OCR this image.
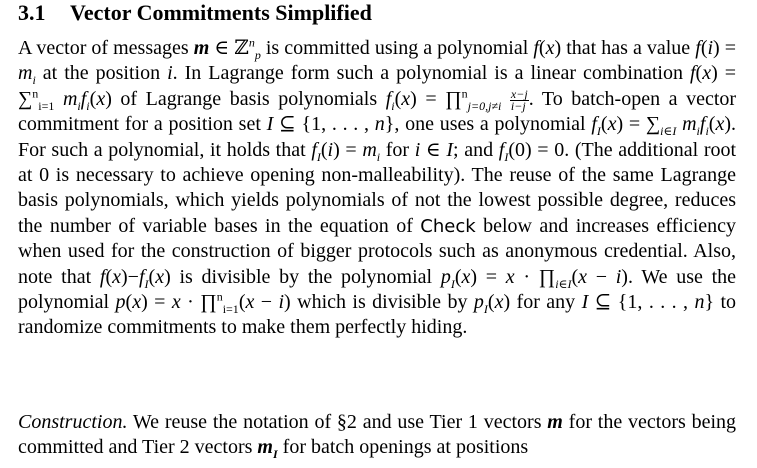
3.1 Vector Commitments Simplified

A vector of messages m ∈ ℤ$^n_p$ is committed using a polynomial f(x) that has a value $f(i) = m_i$ at the position i. In Lagrange form such a polynomial is a linear combination f(x) = ∑$^n_{i=1}$ $m_if_i(x)$ of Lagrange basis polynomials $f_i(x)$ = ∏$^n_{j=0,j\ne i}$ $\frac{x-j}{i-j}$ . To batch-open a vector commitment for a position set I ⊆ {1, . . . , n}, one uses a polynomial $f_I(x) = \sum_{i\in I}$ $m_if_i(x)$. For such a polynomial, it holds that $f_I(i) = m_i$ for i ∈ I; and $f_I(0) = 0$. (The additional root at 0 is necessary to achieve opening non-malleability). The reuse of the same Lagrange basis polynomials, which yields polynomials of not the lowest possible degree, reduces the number of variable bases in the equation of Check below and increases efficiency when used for the construction of bigger protocols such as anonymous credential. Also, note that $f(x)-f_I(x)$ is divisible by the polynomial $p_I(x) = x$ · $\prod_{i\in I}(x - i)$. We use the polynomial p(x) = x · ∏$^n_{i=1}$(x − i) which is divisible by $p_I(x)$ for any I ⊆ {1, . . . , n} to randomize commitments to make them perfectly hiding.

Construction. We reuse the notation of §2 and use Tier 1 vectors m for the vectors being committed and Tier 2 vectors $m_I$ for batch openings at positions
